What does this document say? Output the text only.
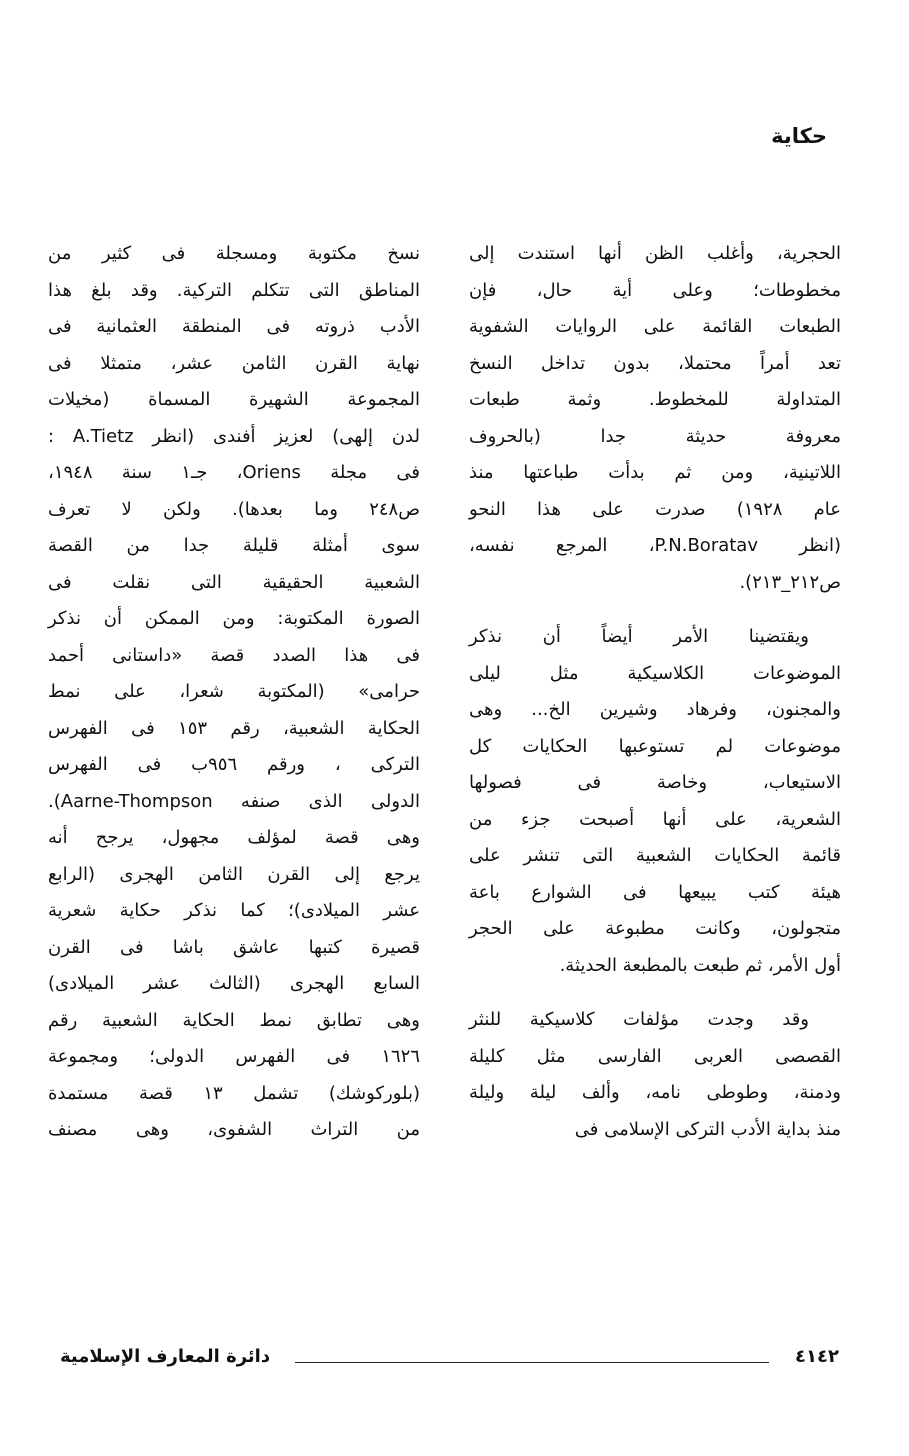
حكاية
الحجرية، وأغلب الظن أنها استندت إلى
مخطوطات؛ وعلى أية حال، فإن
الطبعات القائمة على الروايات الشفوية
تعد أمراً محتملا، بدون تداخل النسخ
المتداولة للمخطوط. وثمة طبعات
معروفة حديثة جدا (بالحروف
اللاتينية، ومن ثم بدأت طباعتها منذ
عام ١٩٢٨) صدرت على هذا النحو
(انظر P.N.Boratav، المرجع نفسه،
ص٢١٢_٢١٣).
ويقتضينا الأمر أيضاً أن نذكر
الموضوعات الكلاسيكية مثل ليلى
والمجنون، وفرهاد وشيرين الخ... وهى
موضوعات لم تستوعبها الحكايات كل
الاستيعاب، وخاصة فى فصولها
الشعرية، على أنها أصبحت جزء من
قائمة الحكايات الشعبية التى تنشر على
هيئة كتب يبيعها فى الشوارع باعة
متجولون، وكانت مطبوعة على الحجر
أول الأمر، ثم طبعت بالمطبعة الحديثة.
وقد وجدت مؤلفات كلاسيكية للنثر
القصصى العربى الفارسى مثل كليلة
ودمنة، وطوطى نامه، وألف ليلة وليلة
منذ بداية الأدب التركى الإسلامى فى
نسخ مكتوبة ومسجلة فى كثير من
المناطق التى تتكلم التركية. وقد بلغ هذا
الأدب ذروته فى المنطقة العثمانية فى
نهاية القرن الثامن عشر، متمثلا فى
المجموعة الشهيرة المسماة (مخيلات
لدن إلهى) لعزيز أفندى (انظر A.Tietz :
فى مجلة Oriens، جـ١ سنة ١٩٤٨،
ص٢٤٨ وما بعدها). ولكن لا تعرف
سوى أمثلة قليلة جدا من القصة
الشعبية الحقيقية التى نقلت فى
الصورة المكتوبة: ومن الممكن أن نذكر
فى هذا الصدد قصة «داستانى أحمد
حرامى» (المكتوبة شعرا، على نمط
الحكاية الشعبية، رقم ١٥٣ فى الفهرس
التركى ، ورقم ٩٥٦ب فى الفهرس
الدولى الذى صنفه Aarne-Thompson).
وهى قصة لمؤلف مجهول، يرجح أنه
يرجع إلى القرن الثامن الهجرى (الرابع
عشر الميلادى)؛ كما نذكر حكاية شعرية
قصيرة كتبها عاشق باشا فى القرن
السابع الهجرى (الثالث عشر الميلادى)
وهى تطابق نمط الحكاية الشعبية رقم
١٦٢٦ فى الفهرس الدولى؛ ومجموعة
(بلوركوشك) تشمل ١٣ قصة مستمدة
من التراث الشفوى، وهى مصنف
٤١٤٢
دائرة المعارف الإسلامية
